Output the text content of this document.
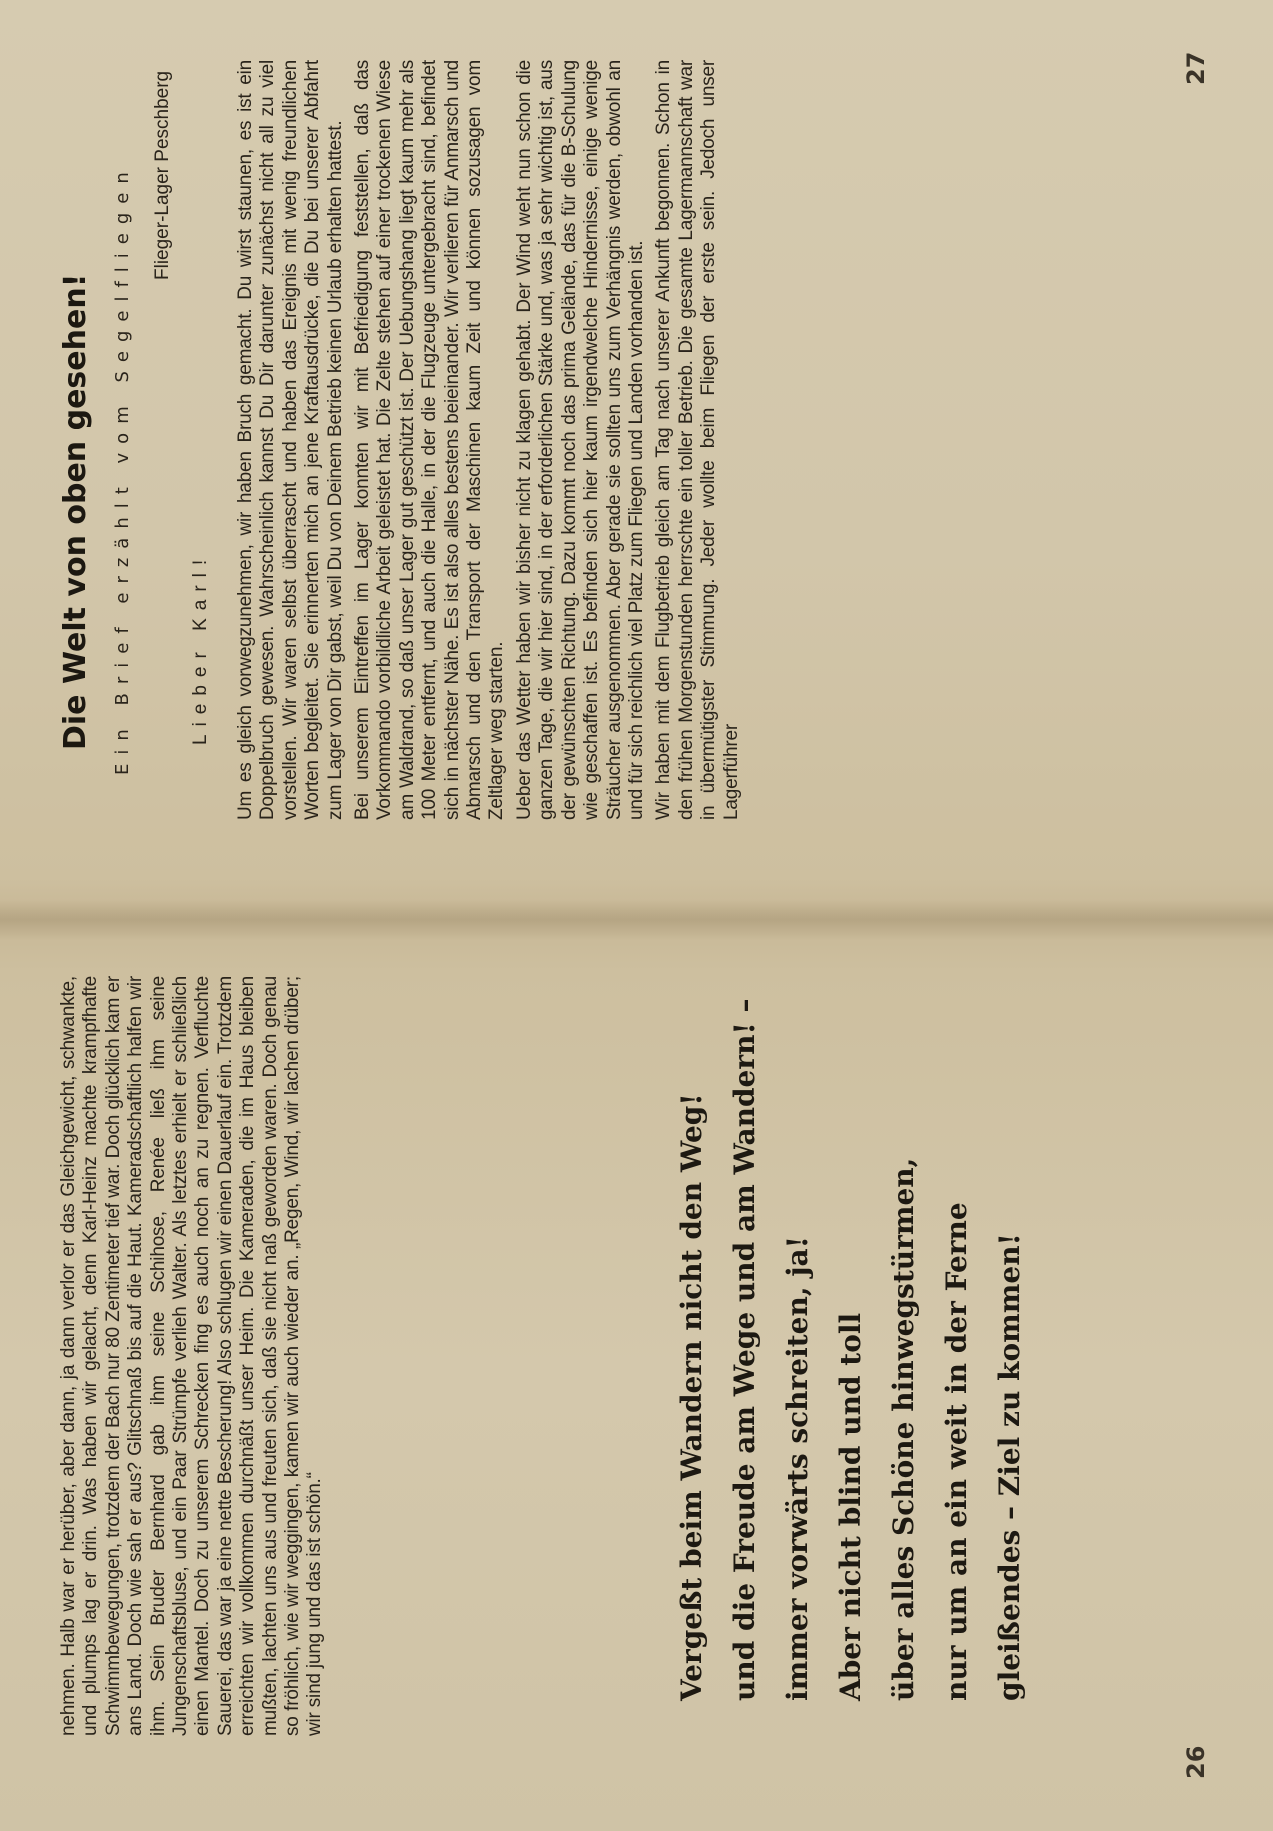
nehmen. Halb war er herüber, aber dann, ja dann verlor er das Gleichgewicht, schwankte, und plumps lag er drin. Was haben wir gelacht, denn Karl-Heinz machte krampfhafte Schwimmbewegungen, trotzdem der Bach nur 80 Zentimeter tief war. Doch glücklich kam er ans Land. Doch wie sah er aus? Glitschnaß bis auf die Haut. Kameradschaftlich halfen wir ihm. Sein Bruder Bernhard gab ihm seine Schihose, Renée ließ ihm seine Jungenschaftsbluse, und ein Paar Strümpfe verlieh Walter. Als letztes erhielt er schließlich einen Mantel. Doch zu unserem Schrecken fing es auch noch an zu regnen. Verfluchte Sauerei, das war ja eine nette Bescherung! Also schlugen wir einen Dauerlauf ein. Trotzdem erreichten wir vollkommen durchnäßt unser Heim. Die Kameraden, die im Haus bleiben mußten, lachten uns aus und freuten sich, daß sie nicht naß geworden waren. Doch genau so fröhlich, wie wir weggingen, kamen wir auch wieder an. „Regen, Wind, wir lachen drüber; wir sind jung und das ist schön.“	Vergeßt beim Wandern nicht den Weg! und die Freude am Wege und am Wandern! – immer vorwärts schreiten, ja! Aber nicht blind und toll über alles Schöne hinwegstürmen, nur um an ein weit in der Ferne gleißendes – Ziel zu kommen!
26
Die Welt von oben gesehen! Ein Brief erzählt vom Segelfliegen Flieger-Lager Peschberg
Lieber Karl! Um es gleich vorwegzunehmen, wir haben Bruch gemacht. Du wirst staunen, es ist ein Doppelbruch gewesen. Wahrscheinlich kannst Du Dir darunter zunächst nicht all zu viel vorstellen. Wir waren selbst überrascht und haben das Ereignis mit wenig freundlichen Worten begleitet. Sie erinnerten mich an jene Kraftausdrücke, die Du bei unserer Abfahrt zum Lager von Dir gabst, weil Du von Deinem Betrieb keinen Urlaub erhalten hattest. Bei unserem Eintreffen im Lager konnten wir mit Befriedigung feststellen, daß das Vorkommando vorbildliche Arbeit geleistet hat. Die Zelte stehen auf einer trockenen Wiese am Waldrand, so daß unser Lager gut geschützt ist. Der Uebungshang liegt kaum mehr als 100 Meter entfernt, und auch die Halle, in der die Flugzeuge untergebracht sind, befindet sich in nächster Nähe. Es ist also alles bestens beieinander. Wir verlieren für Anmarsch und Abmarsch und den Transport der Maschinen kaum Zeit und können sozusagen vom Zeltlager weg starten. Ueber das Wetter haben wir bisher nicht zu klagen gehabt. Der Wind weht nun schon die ganzen Tage, die wir hier sind, in der erforderlichen Stärke und, was ja sehr wichtig ist, aus der gewünschten Richtung. Dazu kommt noch das prima Gelände, das für die B-Schulung wie geschaffen ist. Es befinden sich hier kaum irgendwelche Hindernisse, einige wenige Sträucher ausgenommen. Aber gerade sie sollten uns zum Verhängnis werden, obwohl an und für sich reichlich viel Platz zum Fliegen und Landen vorhanden ist. Wir haben mit dem Flugbetrieb gleich am Tag nach unserer Ankunft begonnen. Schon in den frühen Morgenstunden herrschte ein toller Betrieb. Die gesamte Lagermannschaft war in übermütigster Stimmung. Jeder wollte beim Fliegen der erste sein. Jedoch unser Lagerführer

27
